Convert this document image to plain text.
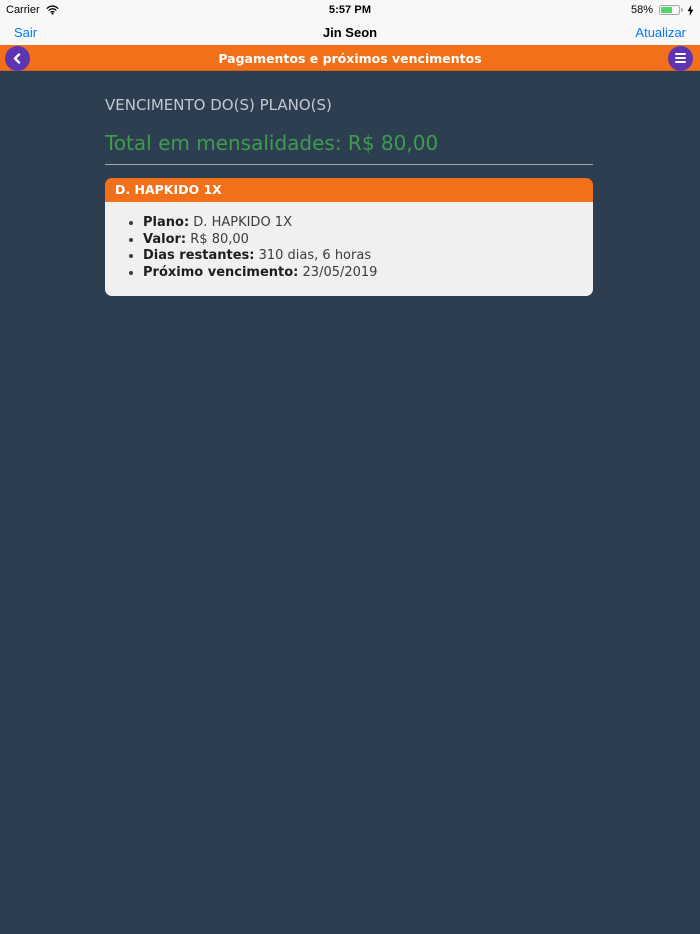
Carrier	5:57 PM	58%
Sair	Jin Seon	Atualizar
Pagamentos e próximos vencimentos
VENCIMENTO DO(S) PLANO(S)
Total em mensalidades: R$ 80,00
D. HAPKIDO 1X
• Plano: D. HAPKIDO 1X
• Valor: R$ 80,00
• Dias restantes: 310 dias, 6 horas
• Próximo vencimento: 23/05/2019
